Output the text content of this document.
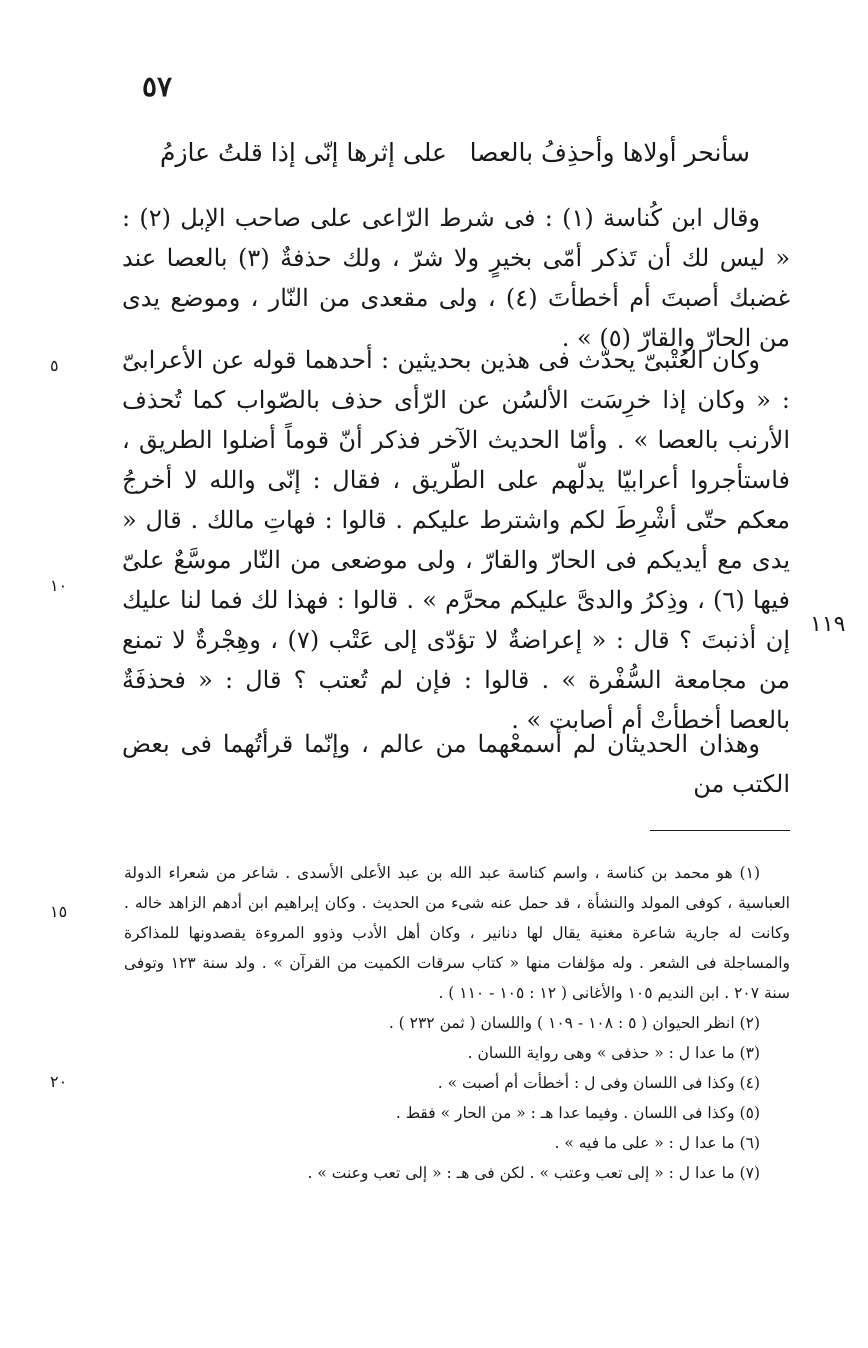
٥٧
سأنحر أولاها وأحذِفُ بالعصا
على إثرها إنّى إذا قلتُ عازمُ

وقال ابن كُناسة (١) : فى شرط الرّاعى على صاحب الإبل (٢) : « ليس لك أن تَذكر أمّى بخيرٍ ولا شرّ ، ولك حذفةٌ (٣) بالعصا عند غضبك أصبتَ أم أخطأتَ (٤) ، ولى مقعدى من النّار ، وموضع يدى من الحارّ والقارّ (٥) » .

وكان العُتْبىّ يحدّث فى هذين بحديثين : أحدهما قوله عن الأعرابىّ : « وكان إذا خرِسَت الألسُن عن الرّأى حذف بالصّواب كما تُحذف الأرنب بالعصا » . وأمّا الحديث الآخر فذكر أنّ قوماً أضلوا الطريق ، فاستأجروا أعرابيّا يدلّهم على الطّريق ، فقال : إنّى والله لا أخرجُ معكم حتّى أشْرِطَ لكم واشترط عليكم . قالوا : فهاتِ مالك . قال « يدى مع أيديكم فى الحارّ والقارّ ، ولى موضعى من النّار موسَّعٌ علىّ فيها (٦) ، وذِكرُ والدىَّ عليكم محرَّم » . قالوا : فهذا لك فما لنا عليك إن أذنبتَ ؟ قال : « إعراضةٌ لا تؤدّى إلى عَتْب (٧) ، وهِجْرةٌ لا تمنع من مجامعة السُّفْرة » . قالوا : فإن لم تُعتب ؟ قال : « فحذفَةٌ بالعصا أخطأتْ أم أصابت » .

وهذان الحديثان لم أسمعْهما من عالم ، وإنّما قرأتُهما فى بعض الكتب من

٥
١٠
١١٩
١٥
٢٠

(١) هو محمد بن كناسة ، واسم كناسة عبد الله بن عبد الأعلى الأسدى . شاعر من شعراء الدولة العباسية ، كوفى المولد والنشأة ، قد حمل عنه شىء من الحديث . وكان إبراهيم ابن أدهم الزاهد خاله . وكانت له جارية شاعرة مغنية يقال لها دنانير ، وكان أهل الأدب وذوو المروءة يقصدونها للمذاكرة والمساجلة فى الشعر . وله مؤلفات منها « كتاب سرقات الكميت من القرآن » . ولد سنة ١٢٣ وتوفى سنة ٢٠٧ . ابن النديم ١٠٥ والأغانى ( ١٢ : ١٠٥ - ١١٠ ) .

(٢) انظر الحيوان ( ٥ : ١٠٨ - ١٠٩ ) واللسان ( ثمن ٢٣٢ ) .

(٣) ما عدا ل : « حذفى » وهى رواية اللسان .

(٤) وكذا فى اللسان وفى ل : أخطأت أم أصبت » .

(٥) وكذا فى اللسان . وفيما عدا هـ : « من الحار » فقط .

(٦) ما عدا ل : « على ما فيه » .

(٧) ما عدا ل : « إلى تعب وعتب » . لكن فى هـ : « إلى تعب وعنت » .
